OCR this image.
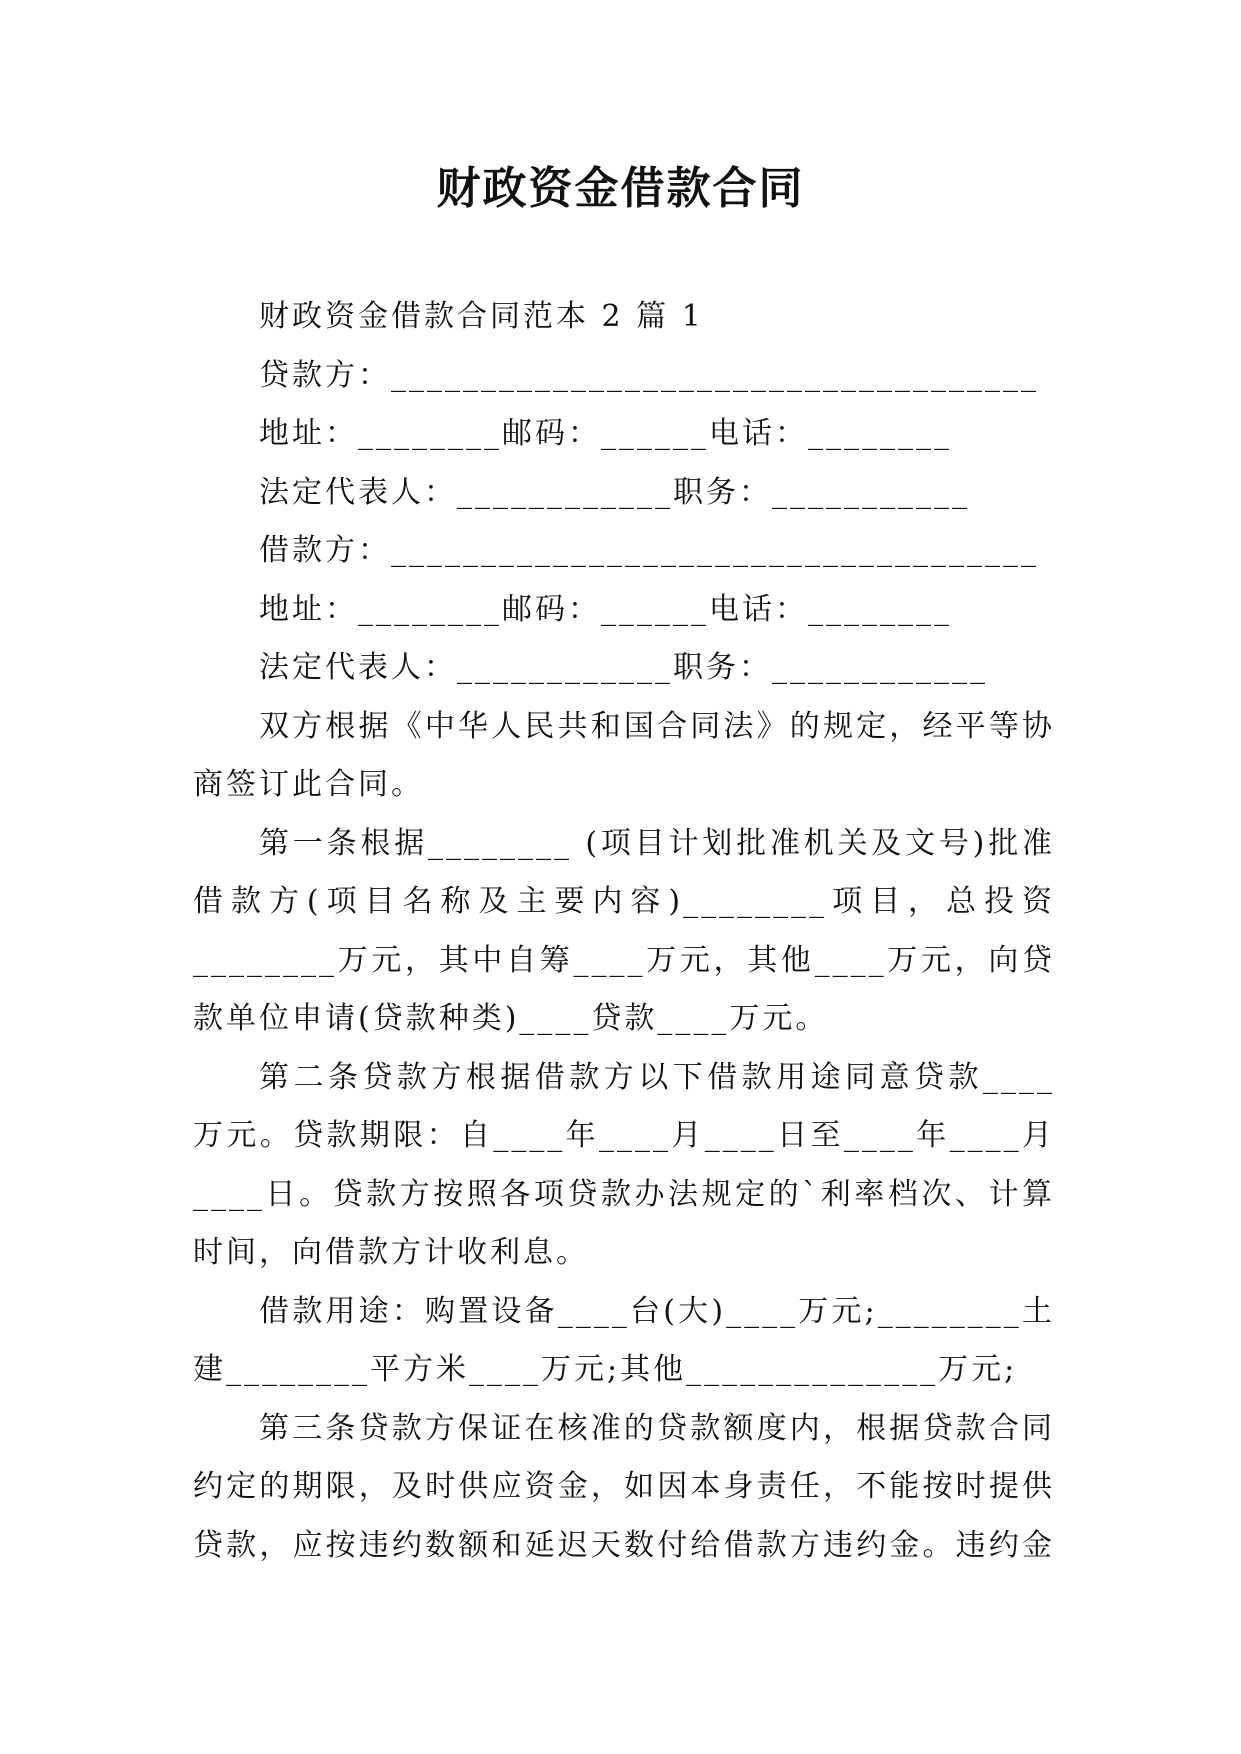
财政资金借款合同

财政资金借款合同范本 2 篇 1

贷款方：____________________________________

地址：________邮码：______电话：________

法定代表人：____________职务：___________

借款方：____________________________________

地址：________邮码：______电话：________

法定代表人：____________职务：____________

双方根据《中华人民共和国合同法》的规定，经平等协商签订此合同。

第一条根据________ (项目计划批准机关及文号)批准借款方(项目名称及主要内容)________项目，总投资________万元，其中自筹____万元，其他____万元，向贷款单位申请(贷款种类)____贷款____万元。

第二条贷款方根据借款方以下借款用途同意贷款____万元。贷款期限：自____年____月____日至____年____月____日。贷款方按照各项贷款办法规定的`利率档次、计算时间，向借款方计收利息。

借款用途：购置设备____台(大)____万元;________土建________平方米____万元;其他______________万元;

第三条贷款方保证在核准的贷款额度内，根据贷款合同约定的期限，及时供应资金，如因本身责任，不能按时提供贷款，应按违约数额和延迟天数付给借款方违约金。违约金
